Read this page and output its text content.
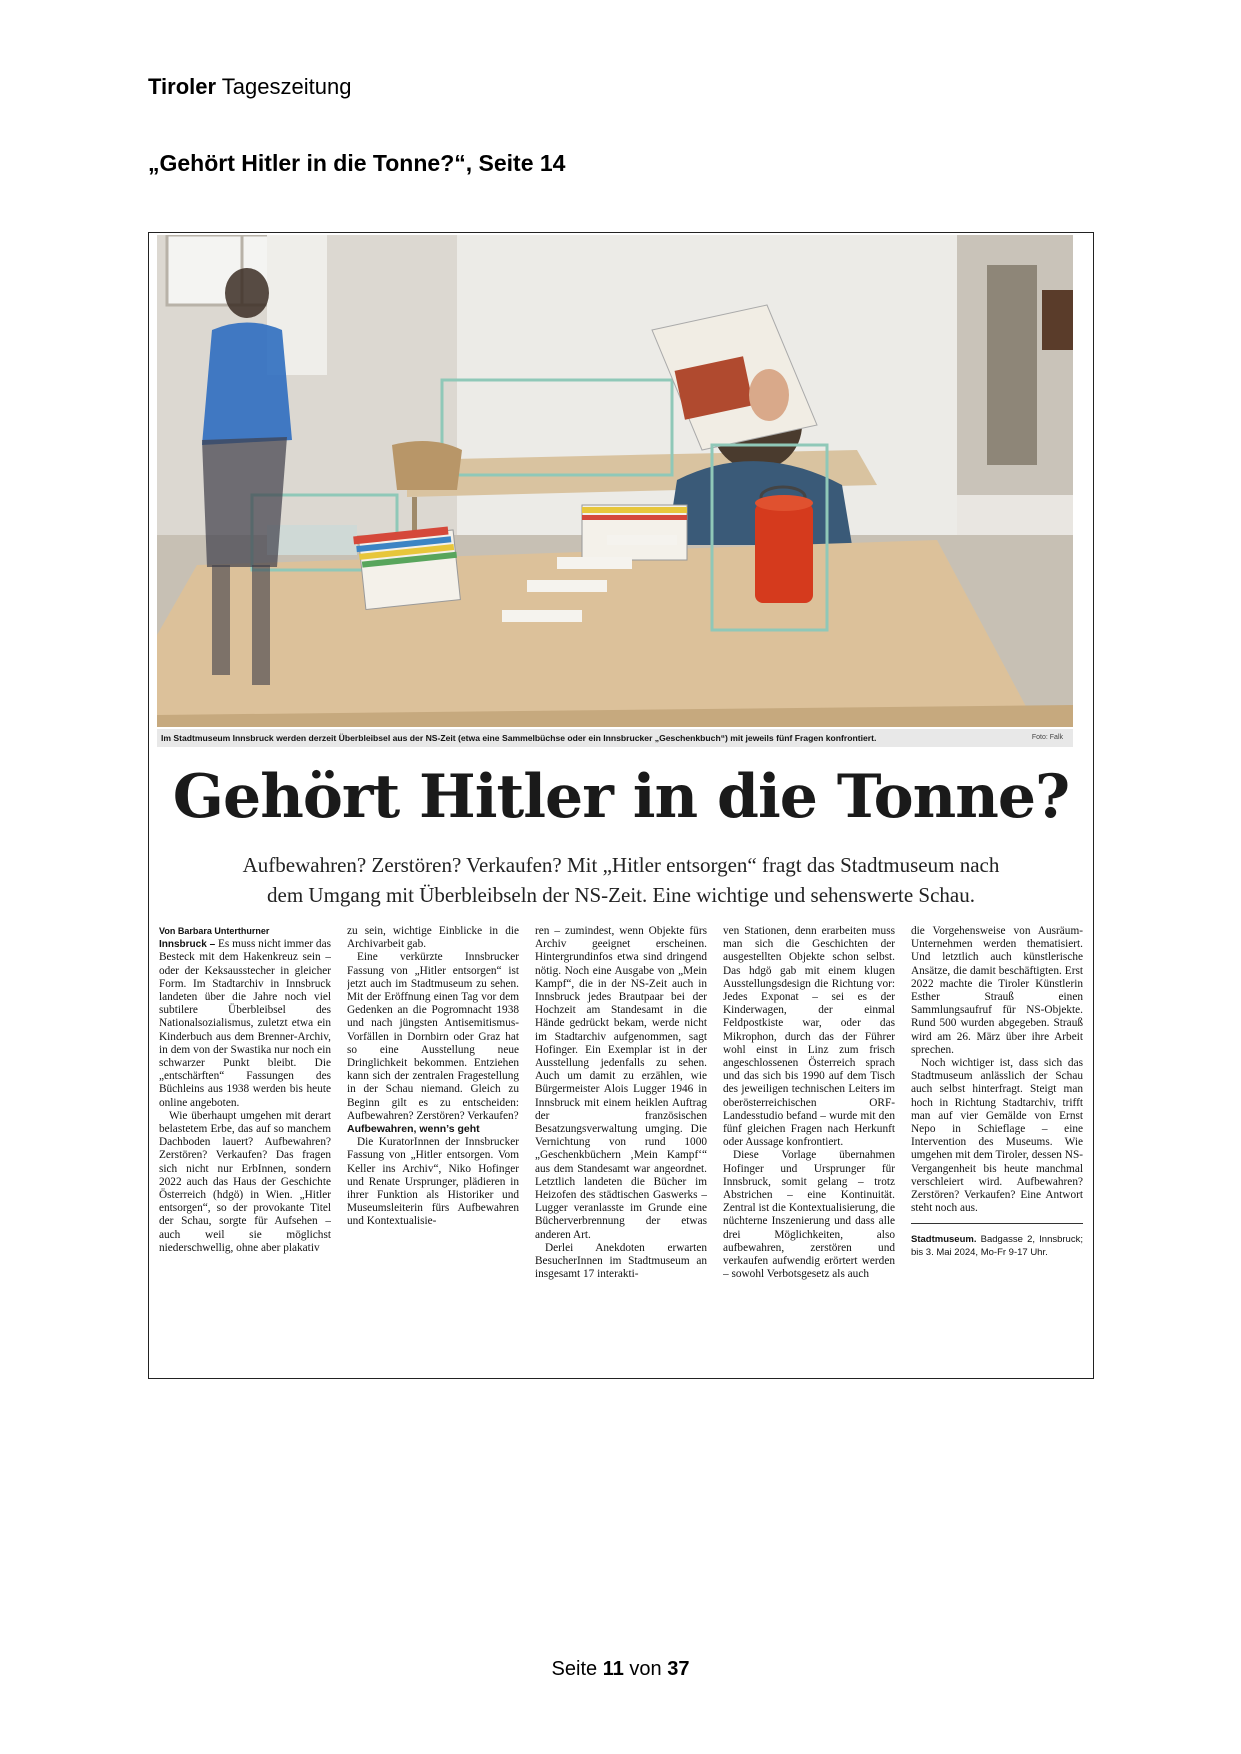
Tiroler Tageszeitung
„Gehört Hitler in die Tonne?“, Seite 14
Im Stadtmuseum Innsbruck werden derzeit Überbleibsel aus der NS-Zeit (etwa eine Sammelbüchse oder ein Innsbrucker „Geschenkbuch“) mit jeweils fünf Fragen konfrontiert.	Foto: Falk
Gehört Hitler in die Tonne?
Aufbewahren? Zerstören? Verkaufen? Mit „Hitler entsorgen“ fragt das Stadtmuseum nach
dem Umgang mit Überbleibseln der NS-Zeit. Eine wichtige und sehenswerte Schau.

Von Barbara Unterthurner

Innsbruck – Es muss nicht immer das Besteck mit dem Hakenkreuz sein – oder der Keksausstecher in gleicher Form. Im Stadtarchiv in Innsbruck landeten über die Jahre noch viel subtilere Überbleibsel des Nationalsozialismus, zuletzt etwa ein Kinderbuch aus dem Brenner-Archiv, in dem von der Swastika nur noch ein schwarzer Punkt bleibt. Die „entschärften“ Fassungen des Büchleins aus 1938 werden bis heute online angeboten.

Wie überhaupt umgehen mit derart belastetem Erbe, das auf so manchem Dachboden lauert? Aufbewahren? Zerstören? Verkaufen? Das fragen sich nicht nur ErbInnen, sondern 2022 auch das Haus der Geschichte Österreich (hdgö) in Wien. „Hitler entsorgen“, so der provokante Titel der Schau, sorgte für Aufsehen – auch weil sie möglichst niederschwellig, ohne aber plakativ

zu sein, wichtige Einblicke in die Archivarbeit gab.

Eine verkürzte Innsbrucker Fassung von „Hitler entsorgen“ ist jetzt auch im Stadtmuseum zu sehen. Mit der Eröffnung einen Tag vor dem Gedenken an die Pogromnacht 1938 und nach jüngsten Antisemitismus-Vorfällen in Dornbirn oder Graz hat so eine Ausstellung neue Dringlichkeit bekommen. Entziehen kann sich der zentralen Fragestellung in der Schau niemand. Gleich zu Beginn gilt es zu entscheiden: Aufbewahren? Zerstören? Verkaufen?

Aufbewahren, wenn’s geht

Die KuratorInnen der Innsbrucker Fassung von „Hitler entsorgen. Vom Keller ins Archiv“, Niko Hofinger und Renate Ursprunger, plädieren in ihrer Funktion als Historiker und Museumsleiterin fürs Aufbewahren und Kontextualisie-

ren – zumindest, wenn Objekte fürs Archiv geeignet erscheinen. Hintergrundinfos etwa sind dringend nötig. Noch eine Ausgabe von „Mein Kampf“, die in der NS-Zeit auch in Innsbruck jedes Brautpaar bei der Hochzeit am Standesamt in die Hände gedrückt bekam, werde nicht im Stadtarchiv aufgenommen, sagt Hofinger. Ein Exemplar ist in der Ausstellung jedenfalls zu sehen. Auch um damit zu erzählen, wie Bürgermeister Alois Lugger 1946 in Innsbruck mit einem heiklen Auftrag der französischen Besatzungsverwaltung umging. Die Vernichtung von rund 1000 „Geschenkbüchern ‚Mein Kampf‘“ aus dem Standesamt war angeordnet. Letztlich landeten die Bücher im Heizofen des städtischen Gaswerks – Lugger veranlasste im Grunde eine Bücherverbrennung der etwas anderen Art.

Derlei Anekdoten erwarten BesucherInnen im Stadtmuseum an insgesamt 17 interakti-

ven Stationen, denn erarbeiten muss man sich die Geschichten der ausgestellten Objekte schon selbst. Das hdgö gab mit einem klugen Ausstellungsdesign die Richtung vor: Jedes Exponat – sei es der Kinderwagen, der einmal Feldpostkiste war, oder das Mikrophon, durch das der Führer wohl einst in Linz zum frisch angeschlossenen Österreich sprach und das sich bis 1990 auf dem Tisch des jeweiligen technischen Leiters im oberösterreichischen ORF-Landesstudio befand – wurde mit den fünf gleichen Fragen nach Herkunft oder Aussage konfrontiert.

Diese Vorlage übernahmen Hofinger und Ursprunger für Innsbruck, somit gelang – trotz Abstrichen – eine Kontinuität. Zentral ist die Kontextualisierung, die nüchterne Inszenierung und dass alle drei Möglichkeiten, also aufbewahren, zerstören und verkaufen aufwendig erörtert werden – sowohl Verbotsgesetz als auch

die Vorgehensweise von Ausräum-Unternehmen werden thematisiert. Und letztlich auch künstlerische Ansätze, die damit beschäftigten. Erst 2022 machte die Tiroler Künstlerin Esther Strauß einen Sammlungsaufruf für NS-Objekte. Rund 500 wurden abgegeben. Strauß wird am 26. März über ihre Arbeit sprechen.

Noch wichtiger ist, dass sich das Stadtmuseum anlässlich der Schau auch selbst hinterfragt. Steigt man hoch in Richtung Stadtarchiv, trifft man auf vier Gemälde von Ernst Nepo in Schieflage – eine Intervention des Museums. Wie umgehen mit dem Tiroler, dessen NS-Vergangenheit bis heute manchmal verschleiert wird. Aufbewahren? Zerstören? Verkaufen? Eine Antwort steht noch aus.

Stadtmuseum. Badgasse 2, Innsbruck; bis 3. Mai 2024, Mo-Fr 9-17 Uhr.
Seite 11 von 37
